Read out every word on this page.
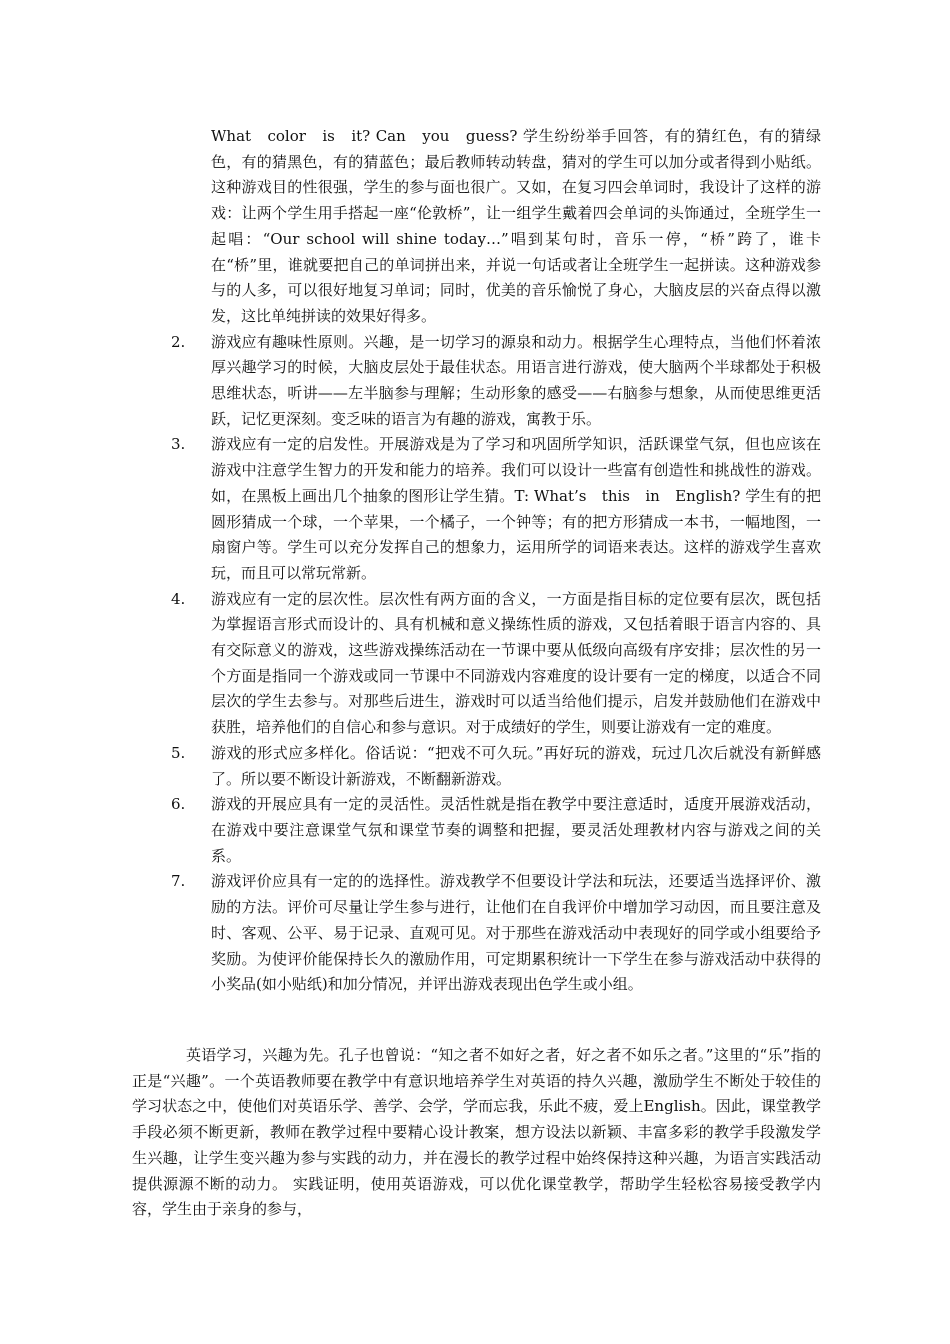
What　color　is　it? Can　you　guess? 学生纷纷举手回答，有的猜红色，有的猜绿色，有的猜黑色，有的猜蓝色；最后教师转动转盘，猜对的学生可以加分或者得到小贴纸。这种游戏目的性很强，学生的参与面也很广。又如，在复习四会单词时，我设计了这样的游戏：让两个学生用手搭起一座“伦敦桥”，让一组学生戴着四会单词的头饰通过，全班学生一起唱：“Our school will shine today…”唱到某句时，音乐一停，“桥”跨了，谁卡在“桥”里，谁就要把自己的单词拼出来，并说一句话或者让全班学生一起拼读。这种游戏参与的人多，可以很好地复习单词；同时，优美的音乐愉悦了身心，大脑皮层的兴奋点得以激发，这比单纯拼读的效果好得多。

2. 游戏应有趣味性原则。兴趣，是一切学习的源泉和动力。根据学生心理特点，当他们怀着浓厚兴趣学习的时候，大脑皮层处于最佳状态。用语言进行游戏，使大脑两个半球都处于积极思维状态，听讲——左半脑参与理解；生动形象的感受——右脑参与想象，从而使思维更活跃，记忆更深刻。变乏味的语言为有趣的游戏，寓教于乐。

3. 游戏应有一定的启发性。开展游戏是为了学习和巩固所学知识，活跃课堂气氛，但也应该在游戏中注意学生智力的开发和能力的培养。我们可以设计一些富有创造性和挑战性的游戏。如，在黑板上画出几个抽象的图形让学生猜。T: What’s　this　in　English? 学生有的把圆形猜成一个球，一个苹果，一个橘子，一个钟等；有的把方形猜成一本书，一幅地图，一扇窗户等。学生可以充分发挥自己的想象力，运用所学的词语来表达。这样的游戏学生喜欢玩，而且可以常玩常新。

4. 游戏应有一定的层次性。层次性有两方面的含义，一方面是指目标的定位要有层次，既包括为掌握语言形式而设计的、具有机械和意义操练性质的游戏，又包括着眼于语言内容的、具有交际意义的游戏，这些游戏操练活动在一节课中要从低级向高级有序安排；层次性的另一个方面是指同一个游戏或同一节课中不同游戏内容难度的设计要有一定的梯度，以适合不同层次的学生去参与。对那些后进生，游戏时可以适当给他们提示，启发并鼓励他们在游戏中获胜，培养他们的自信心和参与意识。对于成绩好的学生，则要让游戏有一定的难度。

5. 游戏的形式应多样化。俗话说：“把戏不可久玩。”再好玩的游戏，玩过几次后就没有新鲜感了。所以要不断设计新游戏，不断翻新游戏。

6. 游戏的开展应具有一定的灵活性。灵活性就是指在教学中要注意适时，适度开展游戏活动，在游戏中要注意课堂气氛和课堂节奏的调整和把握，要灵活处理教材内容与游戏之间的关系。

7. 游戏评价应具有一定的的选择性。游戏教学不但要设计学法和玩法，还要适当选择评价、激励的方法。评价可尽量让学生参与进行，让他们在自我评价中增加学习动因，而且要注意及时、客观、公平、易于记录、直观可见。对于那些在游戏活动中表现好的同学或小组要给予奖励。为使评价能保持长久的激励作用，可定期累积统计一下学生在参与游戏活动中获得的小奖品(如小贴纸)和加分情况，并评出游戏表现出色学生或小组。

英语学习，兴趣为先。孔子也曾说：“知之者不如好之者，好之者不如乐之者。”这里的“乐”指的正是“兴趣”。一个英语教师要在教学中有意识地培养学生对英语的持久兴趣，激励学生不断处于较佳的学习状态之中，使他们对英语乐学、善学、会学，学而忘我，乐此不疲，爱上English。因此，课堂教学手段必须不断更新，教师在教学过程中要精心设计教案，想方设法以新颖、丰富多彩的教学手段激发学生兴趣，让学生变兴趣为参与实践的动力，并在漫长的教学过程中始终保持这种兴趣，为语言实践活动提供源源不断的动力。 实践证明，使用英语游戏，可以优化课堂教学，帮助学生轻松容易接受教学内容，学生由于亲身的参与，
